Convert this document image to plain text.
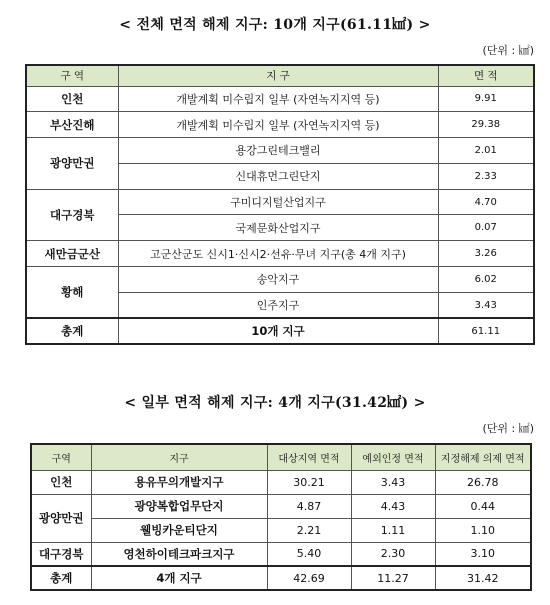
< 전체 면적 해제 지구: 10개 지구(61.11㎢) >
(단위 : ㎢)
구 역	지 구	면 적
인천	개발계획 미수립지 일부 (자연녹지지역 등)	9.91
부산진해	개발계획 미수립지 일부 (자연녹지지역 등)	29.38
광양만권	용강그린테크밸리	2.01
	신대휴먼그린단지	2.33
대구경북	구미디지털산업지구	4.70
	국제문화산업지구	0.07
새만금군산	고군산군도 신시1·신시2·선유·무녀 지구(총 4개 지구)	3.26
황해	송악지구	6.02
	인주지구	3.43
총계	10개 지구	61.11
< 일부 면적 해제 지구: 4개 지구(31.42㎢) >
(단위 : ㎢)
구역	지구	대상지역 면적	예외인정 면적	지정해제 의제 면적
인천	용유무의개발지구	30.21	3.43	26.78
광양만권	광양복합업무단지	4.87	4.43	0.44
	웰빙카운티단지	2.21	1.11	1.10
대구경북	영천하이테크파크지구	5.40	2.30	3.10
총계	4개 지구	42.69	11.27	31.42
